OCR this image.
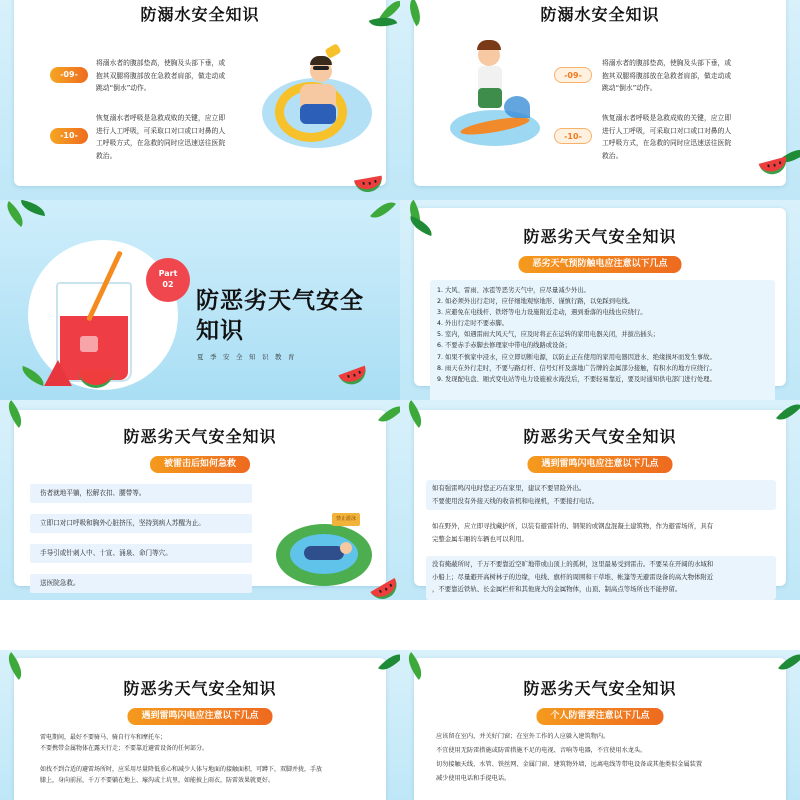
防溺水安全知识
-09-
将溺水者的腹部垫高，使胸及头部下垂，或
抱其双腿将腹部放在急救者肩部，做走动或
跳动“倒水”动作。
-10-
恢复溺水者呼吸是急救成败的关键，应立即
进行人工呼吸，可采取口对口或口对鼻的人
工呼吸方式，在急救的同时应迅速送往医院
救治。
防溺水安全知识
-09-
将溺水者的腹部垫高，使胸及头部下垂，或
抱其双腿将腹部放在急救者肩部，做走动或
跳动“倒水”动作。
-10-
恢复溺水者呼吸是急救成败的关键，应立即
进行人工呼吸，可采取口对口或口对鼻的人
工呼吸方式，在急救的同时应迅速送往医院
救治。
Part
02
防恶劣天气安全
知识
夏季安全知识教育
防恶劣天气安全知识
恶劣天气预防触电应注意以下几点
1. 大风、雷雨、冰雹等恶劣天气中，应尽量减少外出。
2. 如必须外出行走时，应仔细地观察地形、谨慎行路，以免踩到电线。
3. 应避免在电线杆、铁塔等电力设施附近走动，遇到垂落的电线也应绕行。
4. 外出行走时不要赤脚。
5. 室内，如遇雷雨大风天气，应及时将正在运转的家用电器关闭，并拔出插头；
6. 不要赤手赤脚去修理家中带电的线路或设备；
7. 如果不慎家中浸水，应立即切断电源，以防止正在使用的家用电器因进水、绝缘损坏而发生事故。
8. 雨天在外行走时，不要与路灯杆、信号灯杆及落地广告牌的金属部分接触，有积水的地方应绕行。
9. 发现配电盘、厢式变电站等电力设施被水淹没后，不要轻易靠近，要及时通知供电部门进行处理。
防恶劣天气安全知识
被雷击后如何急救
伤者就地平躺，松解衣扣、腰带等。
立即口对口呼吸和胸外心脏挤压，坚持到病人苏醒为止。
手导引或针刺人中、十宣、涌泉、命门等穴。
送医院急救。
禁止游泳
防恶劣天气安全知识
遇到雷鸣闪电应注意以下几点
如有强雷鸣闪电时您正巧在家里，建议不要冒险外出。
不要使用没有外接天线的收音机和电视机，不要接打电话。
如在野外，应立即寻找藏护所，以装有避雷针的、钢架的或钢盘混凝土建筑物，作为避雷场所，具有
完整金属车厢的车辆也可以利用。
没有掩蔽所时，千万不要靠近空旷地带或山顶上的孤树，这里最易受到雷击。不要呆在开阔的水域和
小船上；尽量避开高树林子的边缘，电线、旗杆的周围和干草堆、帐篷等无避雷设备的高大物体附近
，不要靠近铁轨、长金属栏杆和其他庞大的金属物体，山顶、制高点等场所也不能停留。
防恶劣天气安全知识
遇到雷鸣闪电应注意以下几点
雷电期间，最好不要骑马、骑自行车和摩托车；
不要携带金属物体在露天行走；不要靠近避雷设备的任何部分。
如找不到合适的避雷场所时，应采用尽量降低重心和减少人体与地面的接触面积，可蹲下，双脚并拢，手放
膝上，身向前屈，千万不要躺在地上、壕沟或土坑里，如能披上雨衣，防雷效果就更好。
防恶劣天气安全知识
个人防雷要注意以下几点
应该留在室内，并关好门窗；在室外工作的人应躲入建筑物内。
不宜使用无防雷措施或防雷措施不足的电视、音响等电器，不宜使用水龙头。
切勿接触天线、水管、铁丝网、金属门窗、建筑物外墙，远离电线等带电设备或其他类似金属装置
减少使用电话和手提电话。
